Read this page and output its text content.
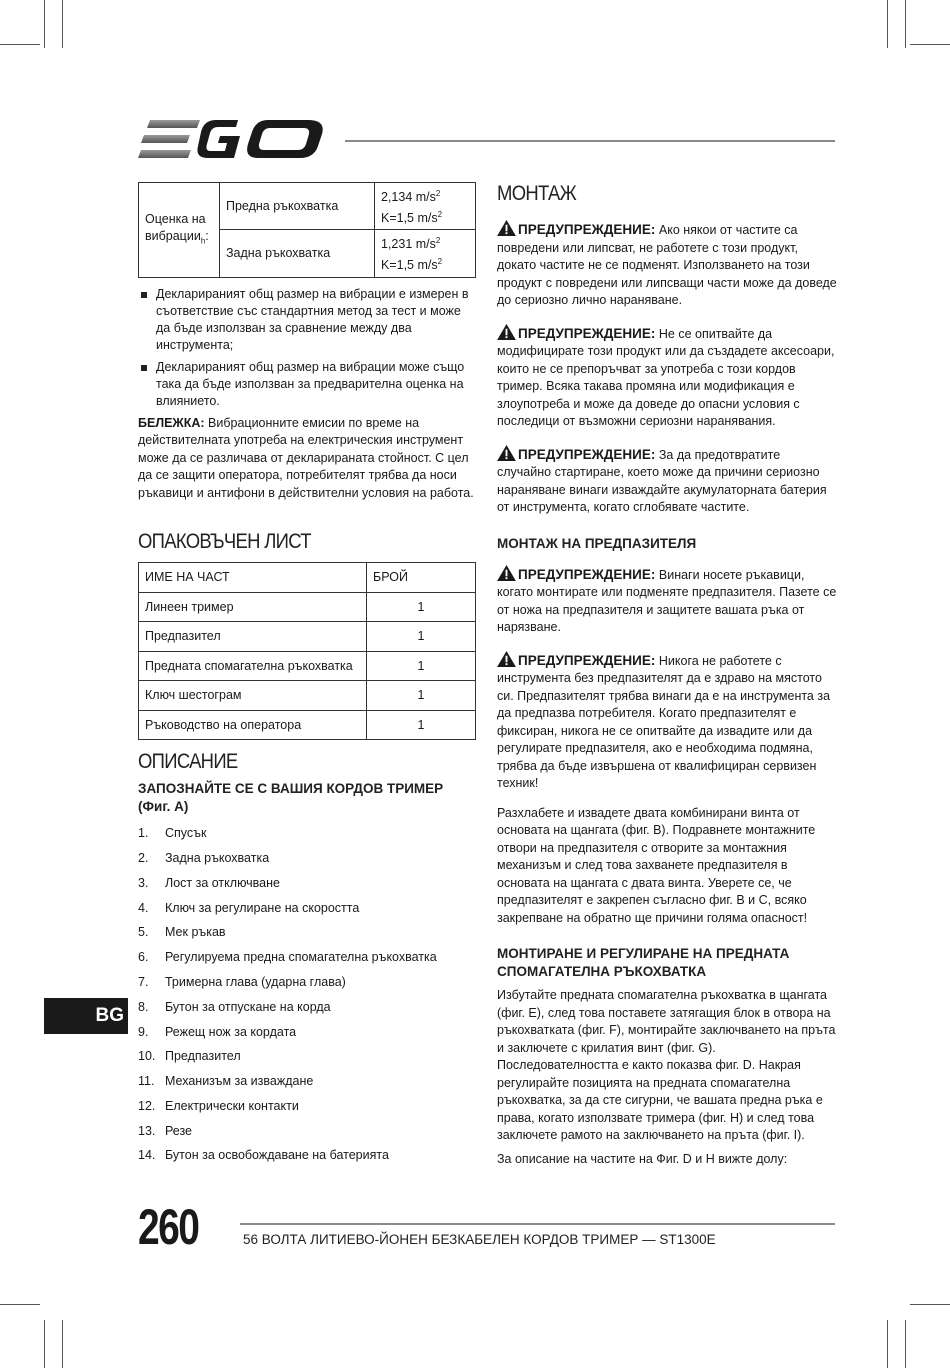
Оценка на вибрации$_h$:	Предна ръкохватка	2,134 $m/s^2$
K=1,5 $m/s^2$
	Задна ръкохватка	1,231 $m/s^2$
K=1,5 $m/s^2$
Декларираният общ размер на вибрации е измерен в съответствие със стандартния метод за тест и може да бъде използван за сравнение между два инструмента;
Декларираният общ размер на вибрации може също така да бъде използван за предварителна оценка на влиянието.

БЕЛЕЖКА: Вибрационните емисии по време на действителната употреба на електрическия инструмент може да се различава от декларираната стойност. С цел да се защити оператора, потребителят трябва да носи ръкавици и антифони в действителни условия на работа.

ОПАКОВЪЧЕН ЛИСТ
ИМЕ НА ЧАСТ	БРОЙ
Линеен тример	1
Предпазител	1
Предната спомагателна ръкохватка	1
Ключ шестограм	1
Ръководство на оператора	1
ОПИСАНИЕ
ЗАПОЗНАЙТЕ СЕ С ВАШИЯ КОРДОВ ТРИМЕР (Фиг. A)
1.	Спусък
2.	Задна ръкохватка
3.	Лост за отключване
4.	Ключ за регулиране на скоростта
5.	Мек ръкав
6.	Регулируема предна спомагателна ръкохватка
7.	Тримерна глава (ударна глава)
8.	Бутон за отпускане на корда
9.	Режещ нож за кордата
10. Предпазител
11. Механизъм за изваждане
12. Електрически контакти
13. Резе
14. Бутон за освобождаване на батерията
МОНТАЖ

ПРЕДУПРЕЖДЕНИЕ: Ако някои от частите са повредени или липсват, не работете с този продукт, докато частите не се подменят. Използването на този продукт с повредени или липсващи части може да доведе до сериозно лично нараняване.

ПРЕДУПРЕЖДЕНИЕ: Не се опитвайте да модифицирате този продукт или да създадете аксесоари, които не се препоръчват за употреба с този кордов тример. Всяка такава промяна или модификация е злоупотреба и може да доведе до опасни условия с последици от възможни сериозни наранявания.

ПРЕДУПРЕЖДЕНИЕ: За да предотвратите случайно стартиране, което може да причини сериозно нараняване винаги изваждайте акумулаторната батерия от инструмента, когато сглобявате частите.

МОНТАЖ НА ПРЕДПАЗИТЕЛЯ

ПРЕДУПРЕЖДЕНИЕ: Винаги носете ръкавици, когато монтирате или подменяте предпазителя. Пазете се от ножа на предпазителя и защитете вашата ръка от нарязване.

ПРЕДУПРЕЖДЕНИЕ: Никога не работете с инструмента без предпазителят да е здраво на мястото си. Предпазителят трябва винаги да е на инструмента за да предпазва потребителя. Когато предпазителят е фиксиран, никога не се опитвайте да извадите или да регулирате предпазителя, ако е необходима подмяна, трябва да бъде извършена от квалифициран сервизен техник!

Разхлабете и извадете двата комбинирани винта от основата на щангата (фиг. B). Подравнете монтажните отвори на предпазителя с отворите за монтажния механизъм и след това захванете предпазителя в основата на щангата с двата винта. Уверете се, че предпазителят е закрепен съгласно фиг. B и C, всяко закрепване на обратно ще причини голяма опасност!

МОНТИРАНЕ И РЕГУЛИРАНЕ НА ПРЕДНАТА СПОМАГАТЕЛНА РЪКОХВАТКА

Избутайте предната спомагателна ръкохватка в щангата (фиг. E), след това поставете затягащия блок в отвора на ръкохватката (фиг. F), монтирайте заключването на пръта и заключете с крилатия винт (фиг. G). Последователността е както показва фиг. D. Накрая регулирайте позицията на предната спомагателна ръкохватка, за да сте сигурни, че вашата предна ръка е права, когато използвате тримера (фиг. H) и след това заключете рамото на заключването на пръта (фиг. I).

За описание на частите на Фиг. D и H вижте долу:

BG
260	56 ВОЛТА ЛИТИЕВО-ЙОНЕН БЕЗКАБЕЛЕН КОРДОВ ТРИМЕР — ST1300E
